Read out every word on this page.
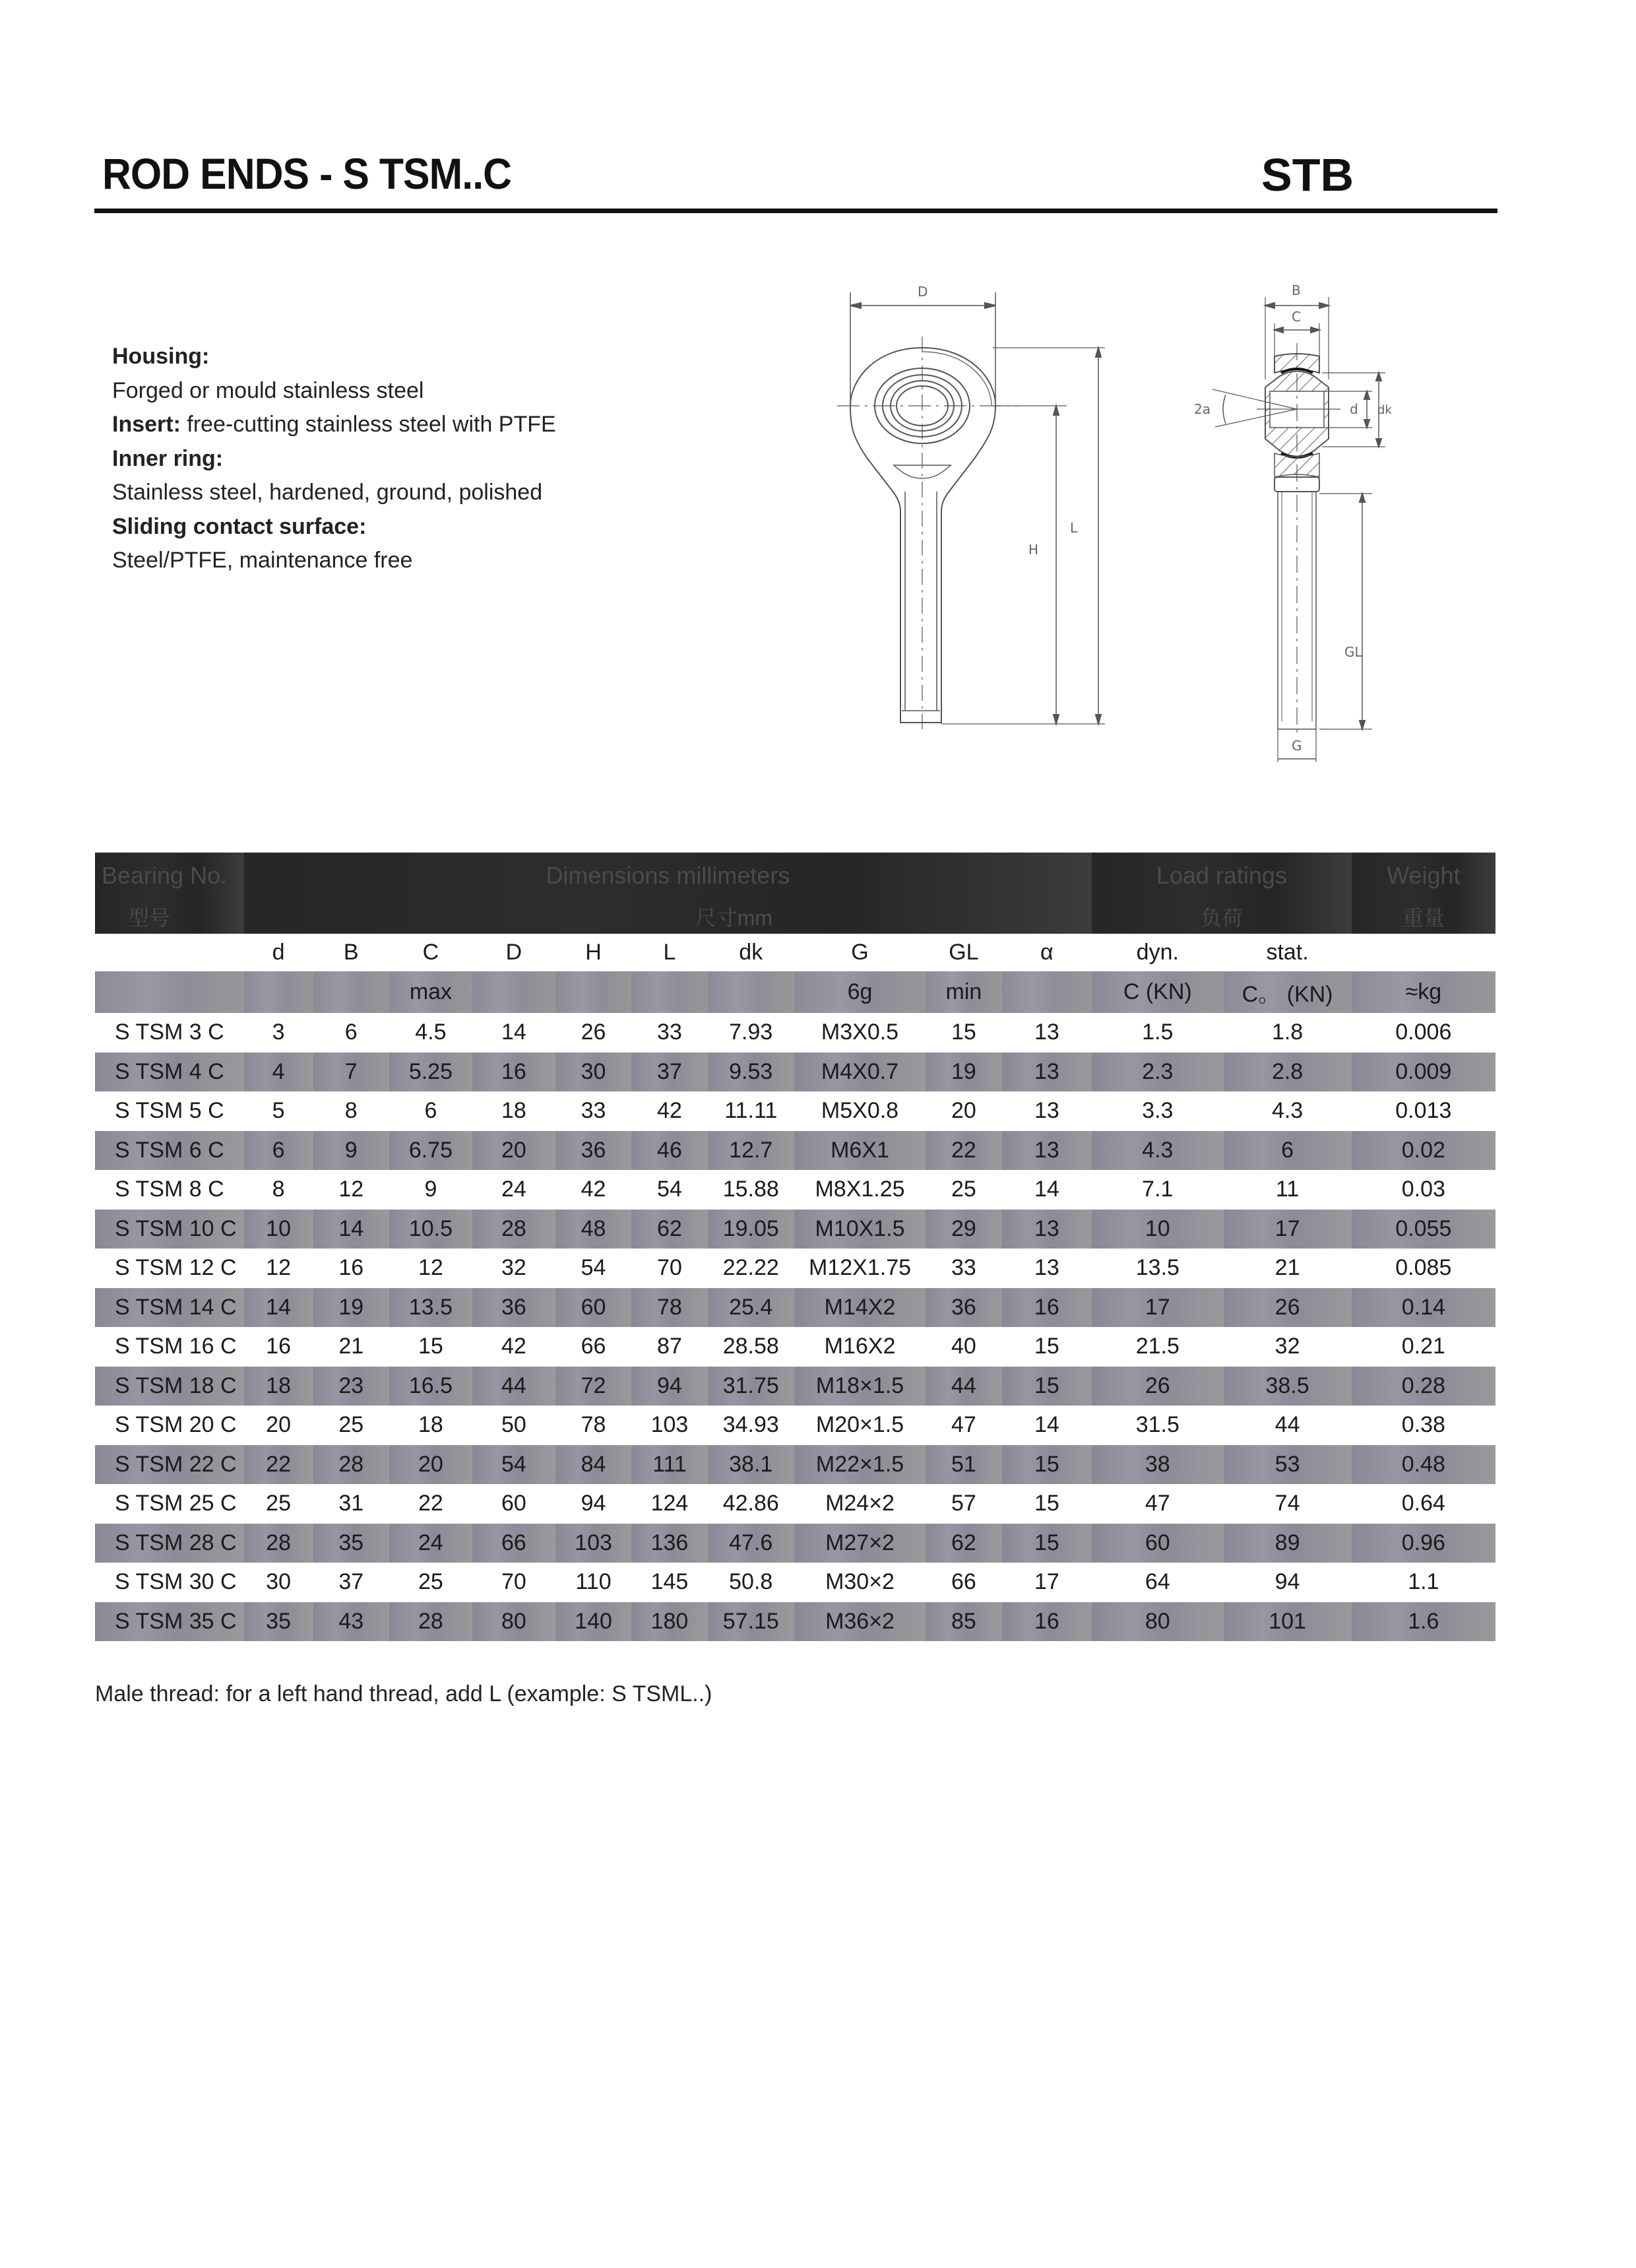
ROD ENDS - S TSM..C	STB
Housing:
Forged or mould stainless steel
Insert: free-cutting stainless steel with PTFE
Inner ring:
Stainless steel, hardened, ground, polished
Sliding contact surface:
Steel/PTFE, maintenance free
D
H
L
B
C
2a	d dk
GL
G
Bearing No.
型号	Dimensions millimeters
尺寸mm										Load ratings
负荷		Weight
重量

	d	B	C	D	H	L	dk	G	GL	α	dyn.	stat.	
			max					6g	min		C (KN)	C。 (KN)	≈kg
S TSM 3 C	3	6	4.5	14	26	33	7.93	M3X0.5	15	13	1.5	1.8	0.006
S TSM 4 C	4	7	5.25	16	30	37	9.53	M4X0.7	19	13	2.3	2.8	0.009
S TSM 5 C	5	8	6	18	33	42	11.11	M5X0.8	20	13	3.3	4.3	0.013
S TSM 6 C	6	9	6.75	20	36	46	12.7	M6X1	22	13	4.3	6	0.02
S TSM 8 C	8	12	9	24	42	54	15.88	M8X1.25	25	14	7.1	11	0.03
S TSM 10 C	10	14	10.5	28	48	62	19.05	M10X1.5	29	13	10	17	0.055
S TSM 12 C	12	16	12	32	54	70	22.22	M12X1.75	33	13	13.5	21	0.085
S TSM 14 C	14	19	13.5	36	60	78	25.4	M14X2	36	16	17	26	0.14
S TSM 16 C	16	21	15	42	66	87	28.58	M16X2	40	15	21.5	32	0.21
S TSM 18 C	18	23	16.5	44	72	94	31.75	M18×1.5	44	15	26	38.5	0.28
S TSM 20 C	20	25	18	50	78	103	34.93	M20×1.5	47	14	31.5	44	0.38
S TSM 22 C	22	28	20	54	84	111	38.1	M22×1.5	51	15	38	53	0.48
S TSM 25 C	25	31	22	60	94	124	42.86	M24×2	57	15	47	74	0.64
S TSM 28 C	28	35	24	66	103	136	47.6	M27×2	62	15	60	89	0.96
S TSM 30 C	30	37	25	70	110	145	50.8	M30×2	66	17	64	94	1.1
S TSM 35 C	35	43	28	80	140	180	57.15	M36×2	85	16	80	101	1.6
Male thread: for a left hand thread, add L (example: S TSML..)
